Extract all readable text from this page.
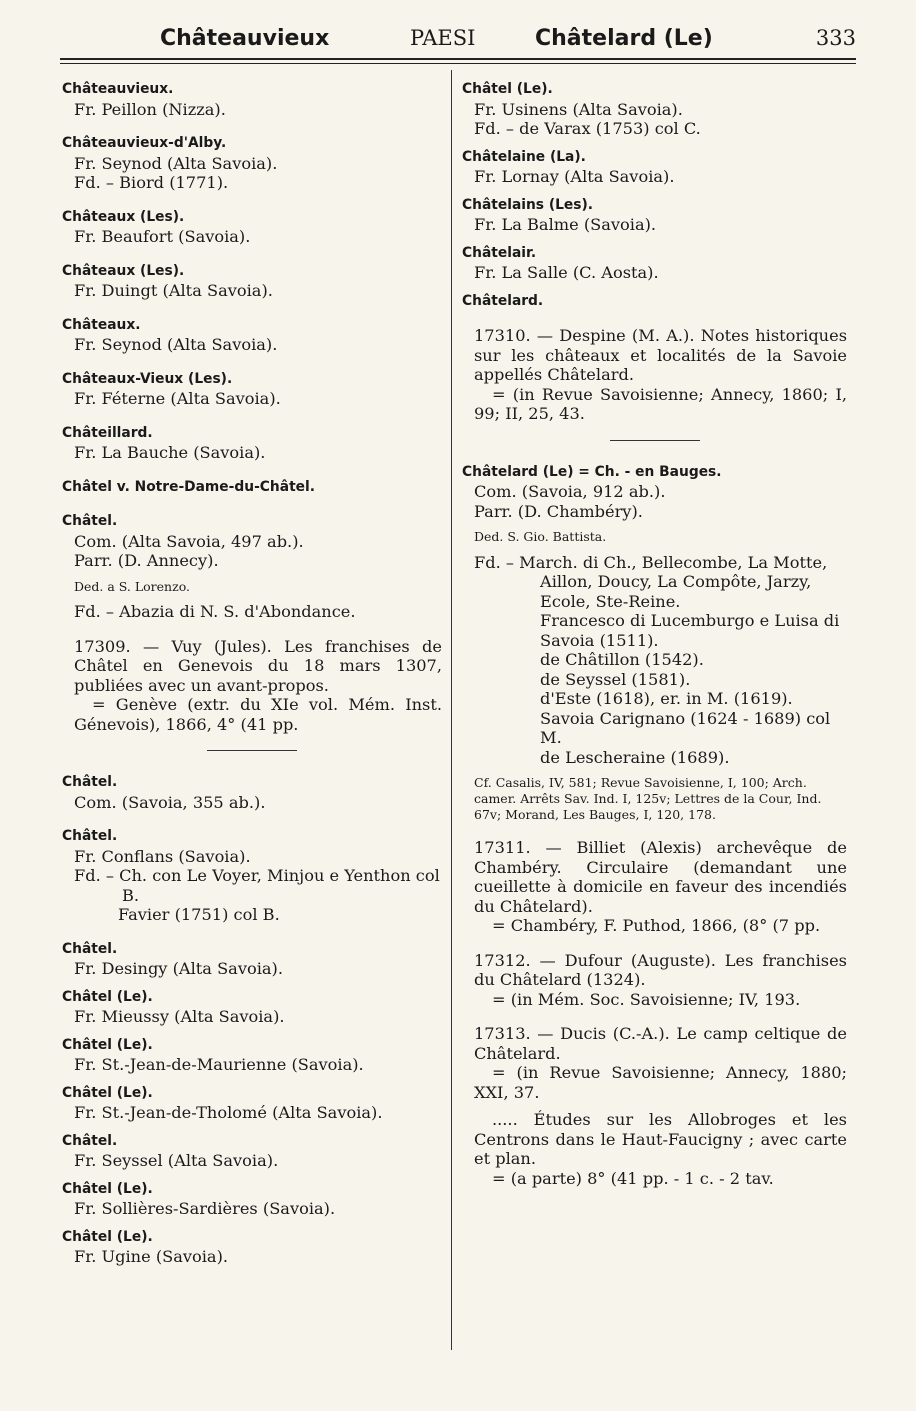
Châteauvieux	PAESI	Châtelard (Le)	333
Châteauvieux.
Fr. Peillon (Nizza).
Châteauvieux-d'Alby.
Fr. Seynod (Alta Savoia).
Fd. – Biord (1771).
Châteaux (Les).
Fr. Beaufort (Savoia).
Châteaux (Les).
Fr. Duingt (Alta Savoia).
Châteaux.
Fr. Seynod (Alta Savoia).
Châteaux-Vieux (Les).
Fr. Féterne (Alta Savoia).
Châteillard.
Fr. La Bauche (Savoia).
Châtel v. Notre-Dame-du-Châtel.
Châtel.
Com. (Alta Savoia, 497 ab.).
Parr. (D. Annecy).
Ded. a S. Lorenzo.
Fd. – Abazia di N. S. d'Abondance.
17309. — Vuy (Jules). Les franchises de Châtel en Genevois du 18 mars 1307, publiées avec un avant-propos.
= Genève (extr. du XIe vol. Mém. Inst. Génevois), 1866, 4° (41 pp.
Châtel.
Com. (Savoia, 355 ab.).
Châtel.
Fr. Conflans (Savoia).
Fd. – Ch. con Le Voyer, Minjou e Yenthon col B.
Favier (1751) col B.
Châtel.
Fr. Desingy (Alta Savoia).
Châtel (Le).
Fr. Mieussy (Alta Savoia).
Châtel (Le).
Fr. St.-Jean-de-Maurienne (Savoia).
Châtel (Le).
Fr. St.-Jean-de-Tholomé (Alta Savoia).
Châtel.
Fr. Seyssel (Alta Savoia).
Châtel (Le).
Fr. Sollières-Sardières (Savoia).
Châtel (Le).
Fr. Ugine (Savoia).
Châtel (Le).
Fr. Usinens (Alta Savoia).
Fd. – de Varax (1753) col C.
Châtelaine (La).
Fr. Lornay (Alta Savoia).
Châtelains (Les).
Fr. La Balme (Savoia).
Châtelair.
Fr. La Salle (C. Aosta).
Châtelard.
17310. — Despine (M. A.). Notes historiques sur les châteaux et localités de la Savoie appellés Châtelard.
= (in Revue Savoisienne; Annecy, 1860; I, 99; II, 25, 43.
Châtelard (Le) = Ch. - en Bauges.
Com. (Savoia, 912 ab.).
Parr. (D. Chambéry).
Ded. S. Gio. Battista.
Fd. – March. di Ch., Bellecombe, La Motte, Aillon, Doucy, La Compôte, Jarzy, Ecole, Ste-Reine.
Francesco di Lucemburgo e Luisa di Savoia (1511).
de Châtillon (1542).
de Seyssel (1581).
d'Este (1618), er. in M. (1619).
Savoia Carignano (1624 - 1689) col M.
de Lescheraine (1689).
Cf. Casalis, IV, 581; Revue Savoisienne, I, 100; Arch. camer. Arrêts Sav. Ind. I, 125v; Lettres de la Cour, Ind. 67v; Morand, Les Bauges, I, 120, 178.
17311. — Billiet (Alexis) archevêque de Chambéry. Circulaire (demandant une cueillette à domicile en faveur des incendiés du Châtelard).
= Chambéry, F. Puthod, 1866, (8° (7 pp.
17312. — Dufour (Auguste). Les franchises du Châtelard (1324).
= (in Mém. Soc. Savoisienne; IV, 193.
17313. — Ducis (C.-A.). Le camp celtique de Châtelard.
= (in Revue Savoisienne; Annecy, 1880; XXI, 37.
..... Études sur les Allobroges et les Centrons dans le Haut-Faucigny ; avec carte et plan.
= (a parte) 8° (41 pp. - 1 c. - 2 tav.
